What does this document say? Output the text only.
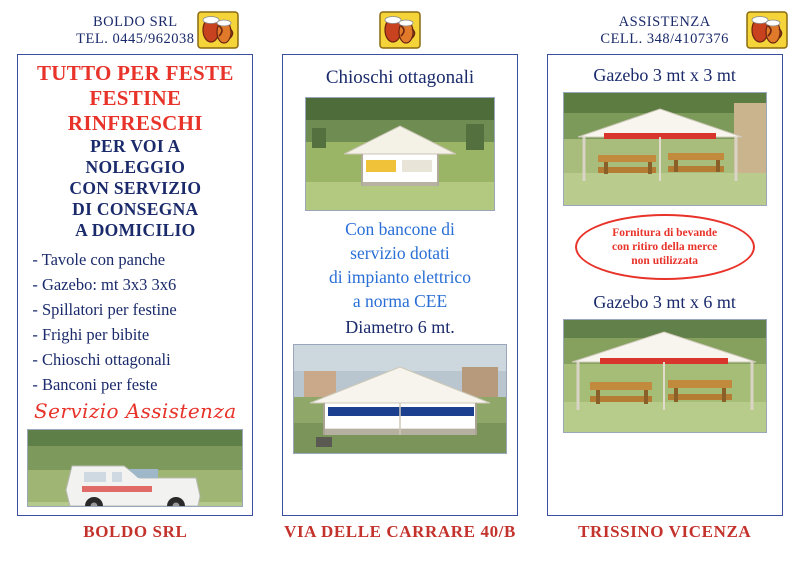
BOLDO SRL
TEL. 0445/962038
TUTTO PER FESTE
FESTINE
RINFRESCHI
PER VOI A
NOLEGGIO
CON SERVIZIO
DI CONSEGNA
A DOMICILIO
- Tavole con panche
- Gazebo: mt 3x3 3x6
- Spillatori per festine
- Frighi per bibite
- Chioschi ottagonali
- Banconi per feste
Servizio Assistenza
BOLDO SRL
Chioschi ottagonali
Con bancone di
servizio dotati
di impianto elettrico
a norma CEE
Diametro 6 mt.
VIA DELLE CARRARE 40/B
ASSISTENZA
CELL. 348/4107376
Gazebo 3 mt x 3 mt
Fornitura di bevande
con ritiro della merce
non utilizzata
Gazebo 3 mt x 6 mt
TRISSINO VICENZA
